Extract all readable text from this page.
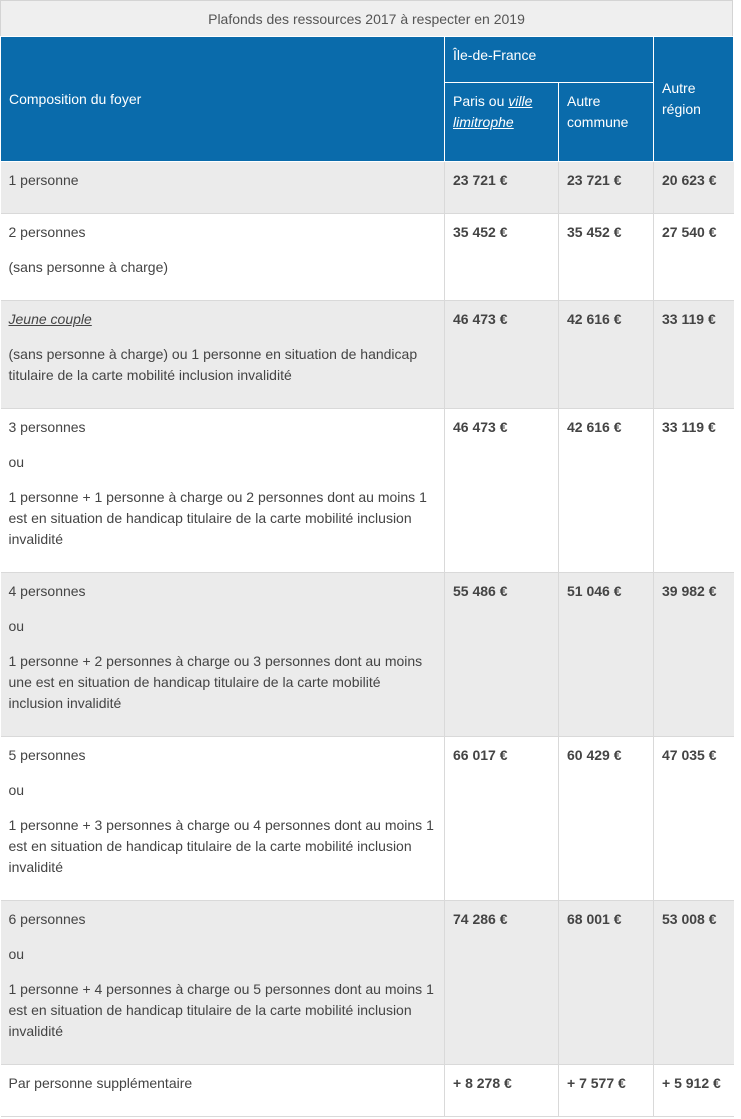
Plafonds des ressources 2017 à respecter en 2019
Composition du foyer	Île-de-France		Autre région
	Paris ou ville limitrophe	Autre commune	

1 personne	23 721 €	23 721 €	20 623 €

2 personnes
(sans personne à charge)	35 452 €	35 452 €	27 540 €

Jeune couple
(sans personne à charge) ou 1 personne en situation de handicap titulaire de la carte mobilité inclusion invalidité	46 473 €	42 616 €	33 119 €

3 personnes
ou
1 personne + 1 personne à charge ou 2 personnes dont au moins 1 est en situation de handicap titulaire de la carte mobilité inclusion invalidité	46 473 €	42 616 €	33 119 €

4 personnes
ou
1 personne + 2 personnes à charge ou 3 personnes dont au moins une est en situation de handicap titulaire de la carte mobilité inclusion invalidité	55 486 €	51 046 €	39 982 €

5 personnes
ou
1 personne + 3 personnes à charge ou 4 personnes dont au moins 1 est en situation de handicap titulaire de la carte mobilité inclusion invalidité	66 017 €	60 429 €	47 035 €

6 personnes
ou
1 personne + 4 personnes à charge ou 5 personnes dont au moins 1 est en situation de handicap titulaire de la carte mobilité inclusion invalidité	74 286 €	68 001 €	53 008 €

Par personne supplémentaire	+ 8 278 €	+ 7 577 €	+ 5 912 €
